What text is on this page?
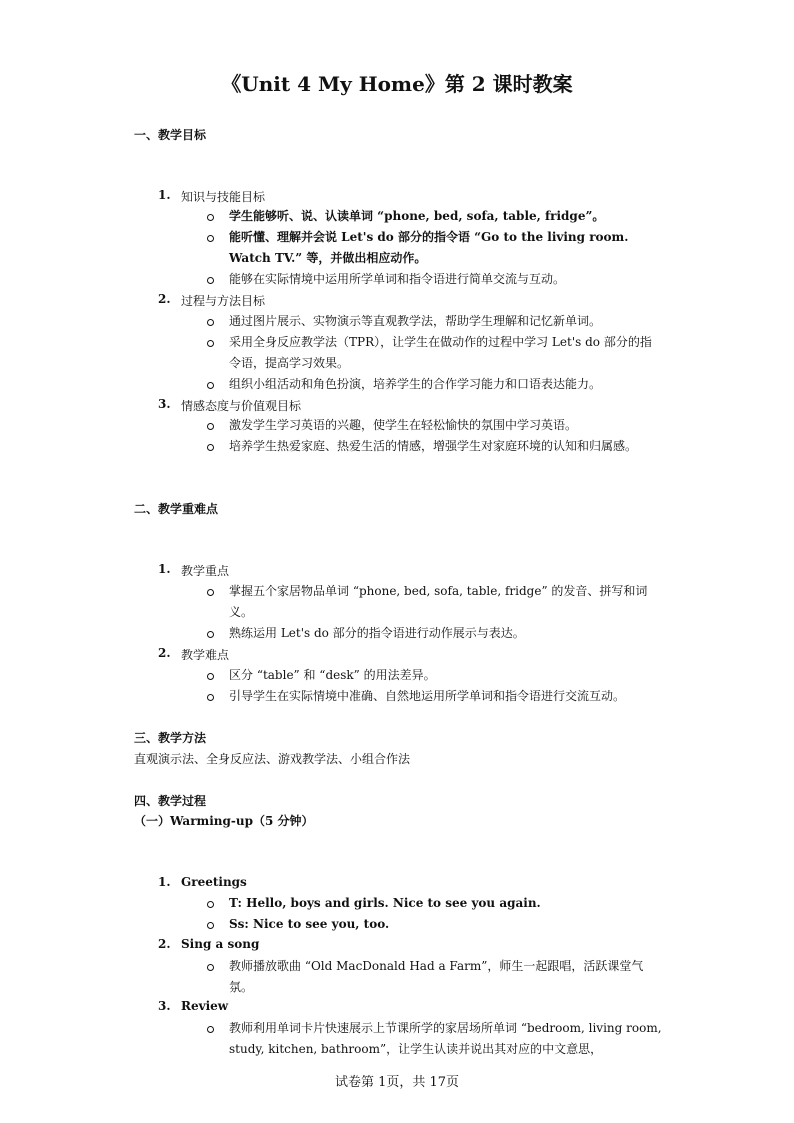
《Unit 4 My Home》第 2 课时教案
一、教学目标
1. 知识与技能目标
学生能够听、说、认读单词 “phone, bed, sofa, table, fridge”。
能听懂、理解并会说 Let's do 部分的指令语 “Go to the living room. Watch TV.” 等，并做出相应动作。
能够在实际情境中运用所学单词和指令语进行简单交流与互动。
2. 过程与方法目标
通过图片展示、实物演示等直观教学法，帮助学生理解和记忆新单词。
采用全身反应教学法（TPR），让学生在做动作的过程中学习 Let's do 部分的指令语，提高学习效果。
组织小组活动和角色扮演，培养学生的合作学习能力和口语表达能力。
3. 情感态度与价值观目标
激发学生学习英语的兴趣，使学生在轻松愉快的氛围中学习英语。
培养学生热爱家庭、热爱生活的情感，增强学生对家庭环境的认知和归属感。
二、教学重难点
1. 教学重点
掌握五个家居物品单词 “phone, bed, sofa, table, fridge” 的发音、拼写和词义。
熟练运用 Let's do 部分的指令语进行动作展示与表达。
2. 教学难点
区分 “table” 和 “desk” 的用法差异。
引导学生在实际情境中准确、自然地运用所学单词和指令语进行交流互动。
三、教学方法
直观演示法、全身反应法、游戏教学法、小组合作法
四、教学过程
（一）Warming-up（5 分钟）
1. Greetings
T: Hello, boys and girls. Nice to see you again.
Ss: Nice to see you, too.
2. Sing a song
教师播放歌曲 “Old MacDonald Had a Farm”，师生一起跟唱，活跃课堂气氛。
3. Review
教师利用单词卡片快速展示上节课所学的家居场所单词 “bedroom, living room, study, kitchen, bathroom”，让学生认读并说出其对应的中文意思，
试卷第 1页，共 17页
